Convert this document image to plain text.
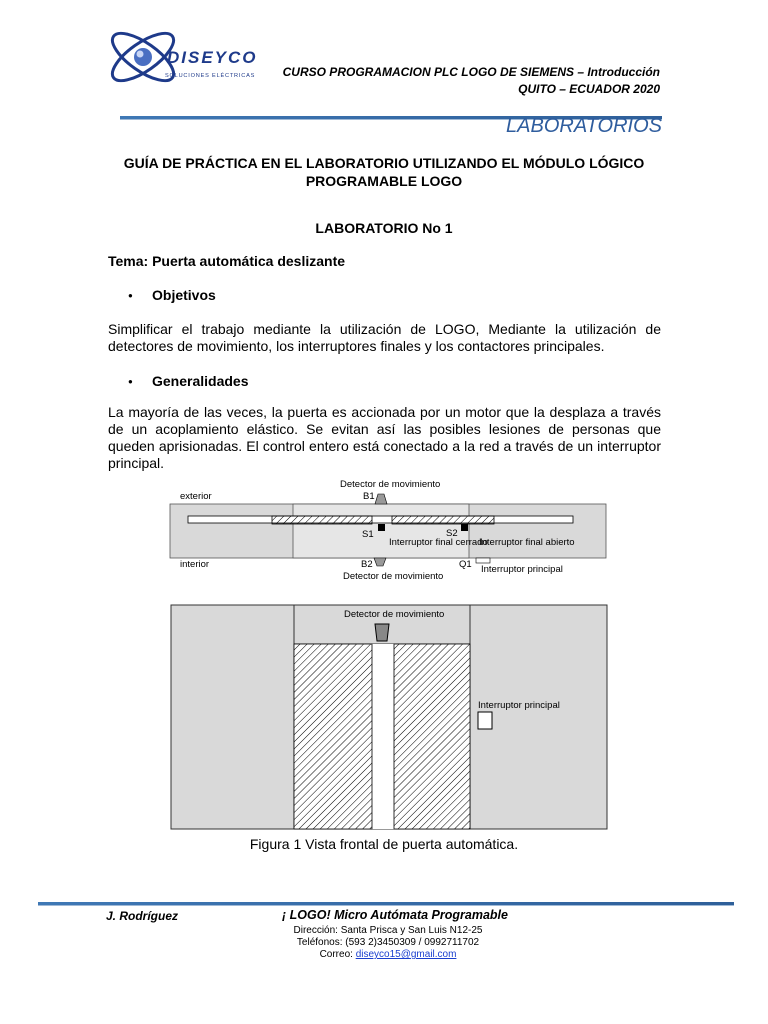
DISEYCO
SOLUCIONES ELÉCTRICAS CURSO PROGRAMACION PLC LOGO DE SIEMENS – Introducción
QUITO – ECUADOR 2020
LABORATORIOS
GUÍA DE PRÁCTICA EN EL LABORATORIO UTILIZANDO EL MÓDULO LÓGICO PROGRAMABLE LOGO
LABORATORIO No 1
Tema: Puerta automática deslizante
● Objetivos
Simplificar el trabajo mediante la utilización de LOGO, Mediante la utilización de detectores de movimiento, los interruptores finales y los contactores principales.
● Generalidades
La mayoría de las veces, la puerta es accionada por un motor que la desplaza a través de un acoplamiento elástico. Se evitan así las posibles lesiones de personas que queden aprisionadas. El control entero está conectado a la red a través de un interruptor principal.
Detector de movimiento
B1
exterior
S1	S2
Interruptor final cerrado
Interruptor final abierto
interior	B2	Q1 Interruptor principal
Detector de movimiento
Detector de movimiento
Interruptor principal
Figura 1 Vista frontal de puerta automática.
J. Rodríguez	¡ LOGO! Micro Autómata Programable
Dirección: Santa Prisca y San Luis N12-25
Teléfonos: (593 2)3450309 / 0992711702
Correo: diseyco15@gmail.com
